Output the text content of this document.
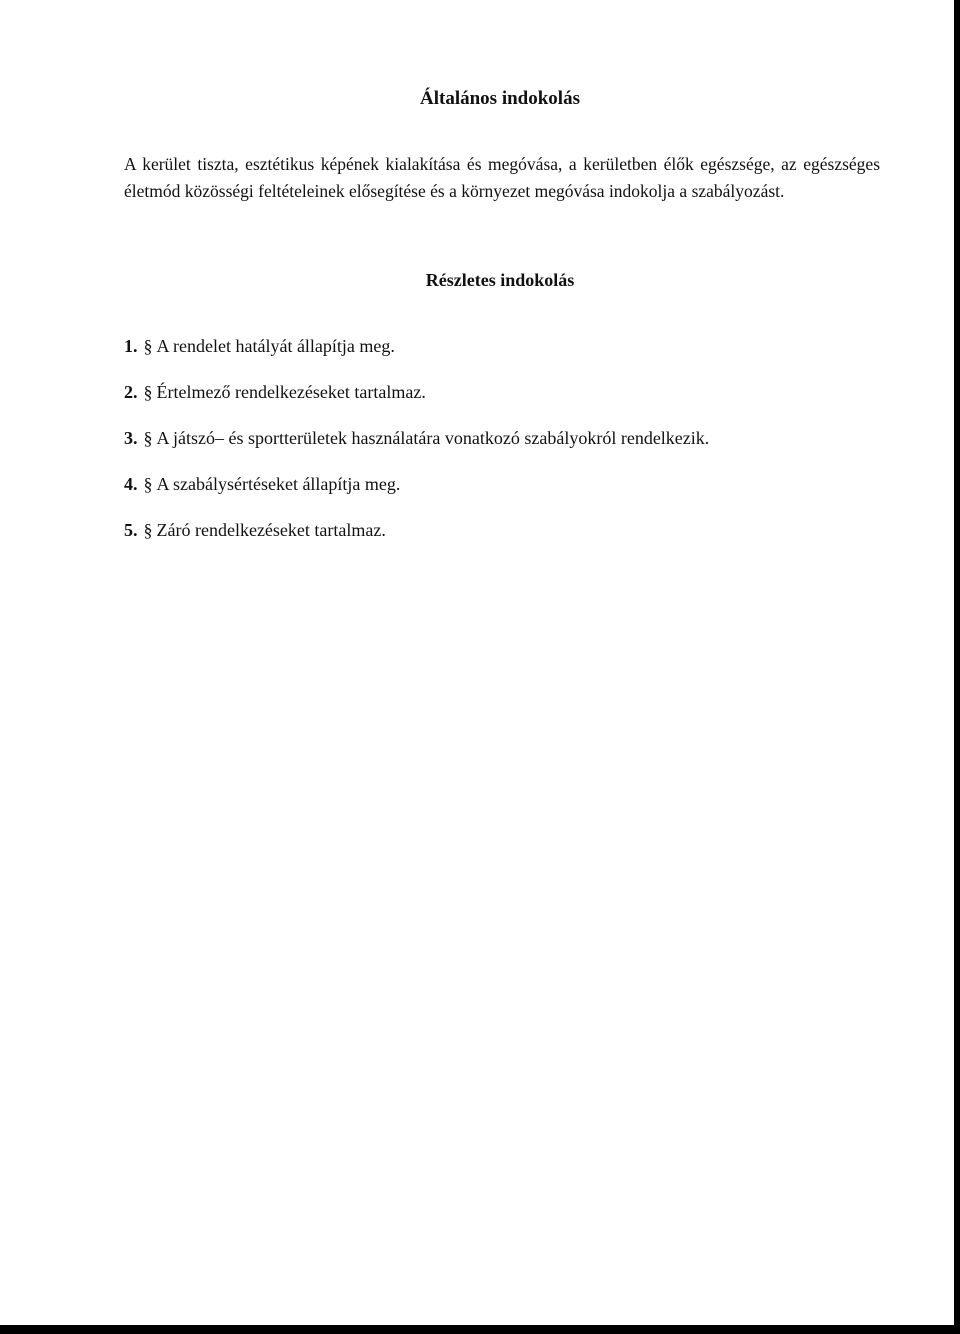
Általános indokolás
A kerület tiszta, esztétikus képének kialakítása és megóvása, a kerületben élők egészsége, az egészséges életmód közösségi feltételeinek elősegítése és a környezet megóvása indokolja a szabályozást.
Részletes indokolás
1. § A rendelet hatályát állapítja meg.
2. § Értelmező rendelkezéseket tartalmaz.
3. § A játszó– és sportterületek használatára vonatkozó szabályokról rendelkezik.
4. § A szabálysértéseket állapítja meg.
5. § Záró rendelkezéseket tartalmaz.
